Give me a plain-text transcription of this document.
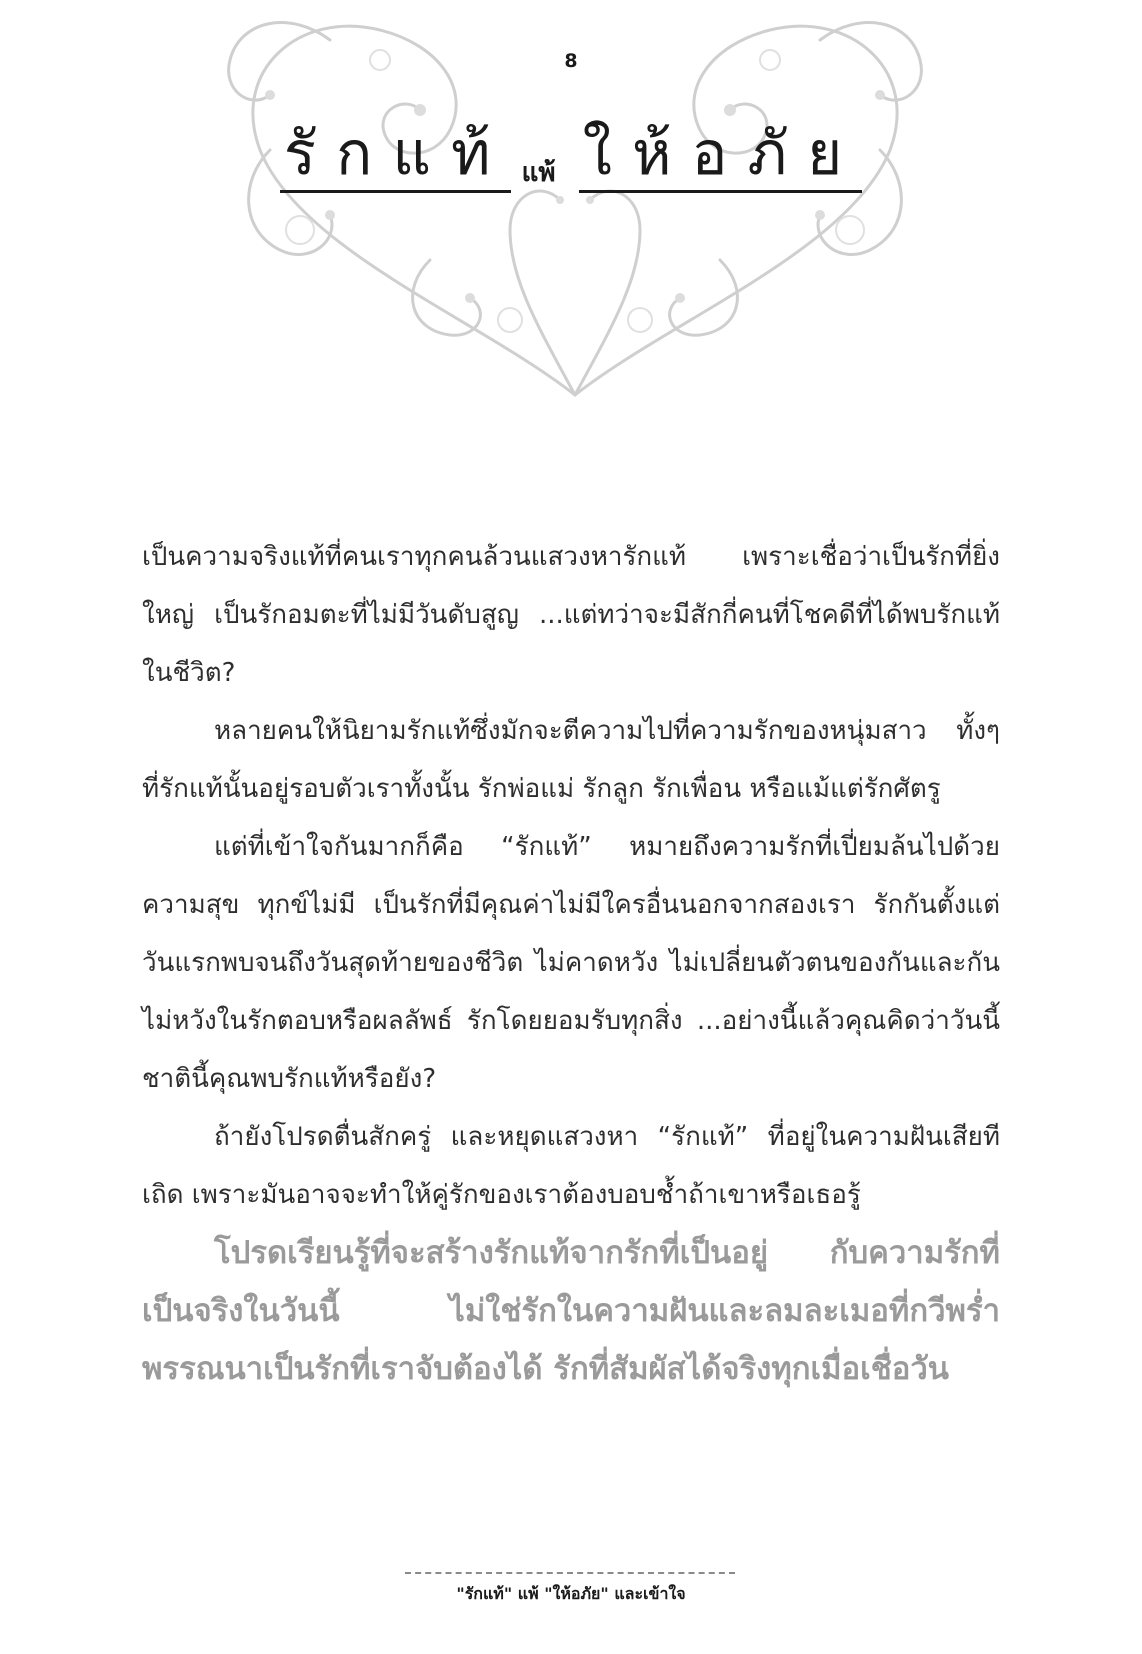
8
รักแท้ แพ้ ให้อภัย

เป็นความจริงแท้ที่คนเราทุกคนล้วนแสวงหารักแท้ เพราะเชื่อว่าเป็นรักที่ยิ่งใหญ่ เป็นรักอมตะที่ไม่มีวันดับสูญ ...แต่ทว่าจะมีสักกี่คนที่โชคดีที่ได้พบรักแท้ในชีวิต?

หลายคนให้นิยามรักแท้ซึ่งมักจะตีความไปที่ความรักของหนุ่มสาว ทั้งๆ ที่รักแท้นั้นอยู่รอบตัวเราทั้งนั้น รักพ่อแม่ รักลูก รักเพื่อน หรือแม้แต่รักศัตรู

แต่ที่เข้าใจกันมากก็คือ “รักแท้” หมายถึงความรักที่เปี่ยมล้นไปด้วยความสุข ทุกข์ไม่มี เป็นรักที่มีคุณค่าไม่มีใครอื่นนอกจากสองเรา รักกันตั้งแต่วันแรกพบจนถึงวันสุดท้ายของชีวิต ไม่คาดหวัง ไม่เปลี่ยนตัวตนของกันและกัน ไม่หวังในรักตอบหรือผลลัพธ์ รักโดยยอมรับทุกสิ่ง ...อย่างนี้แล้วคุณคิดว่าวันนี้ ชาตินี้คุณพบรักแท้หรือยัง?

ถ้ายังโปรดตื่นสักครู่ และหยุดแสวงหา “รักแท้” ที่อยู่ในความฝันเสียทีเถิด เพราะมันอาจจะทำให้คู่รักของเราต้องบอบช้ำถ้าเขาหรือเธอรู้

โปรดเรียนรู้ที่จะสร้างรักแท้จากรักที่เป็นอยู่ กับความรักที่เป็นจริงในวันนี้ ไม่ใช่รักในความฝันและลมละเมอที่กวีพร่ำพรรณนาเป็นรักที่เราจับต้องได้ รักที่สัมผัสได้จริงทุกเมื่อเชื่อวัน

"รักแท้" แพ้ "ให้อภัย" และเข้าใจ
